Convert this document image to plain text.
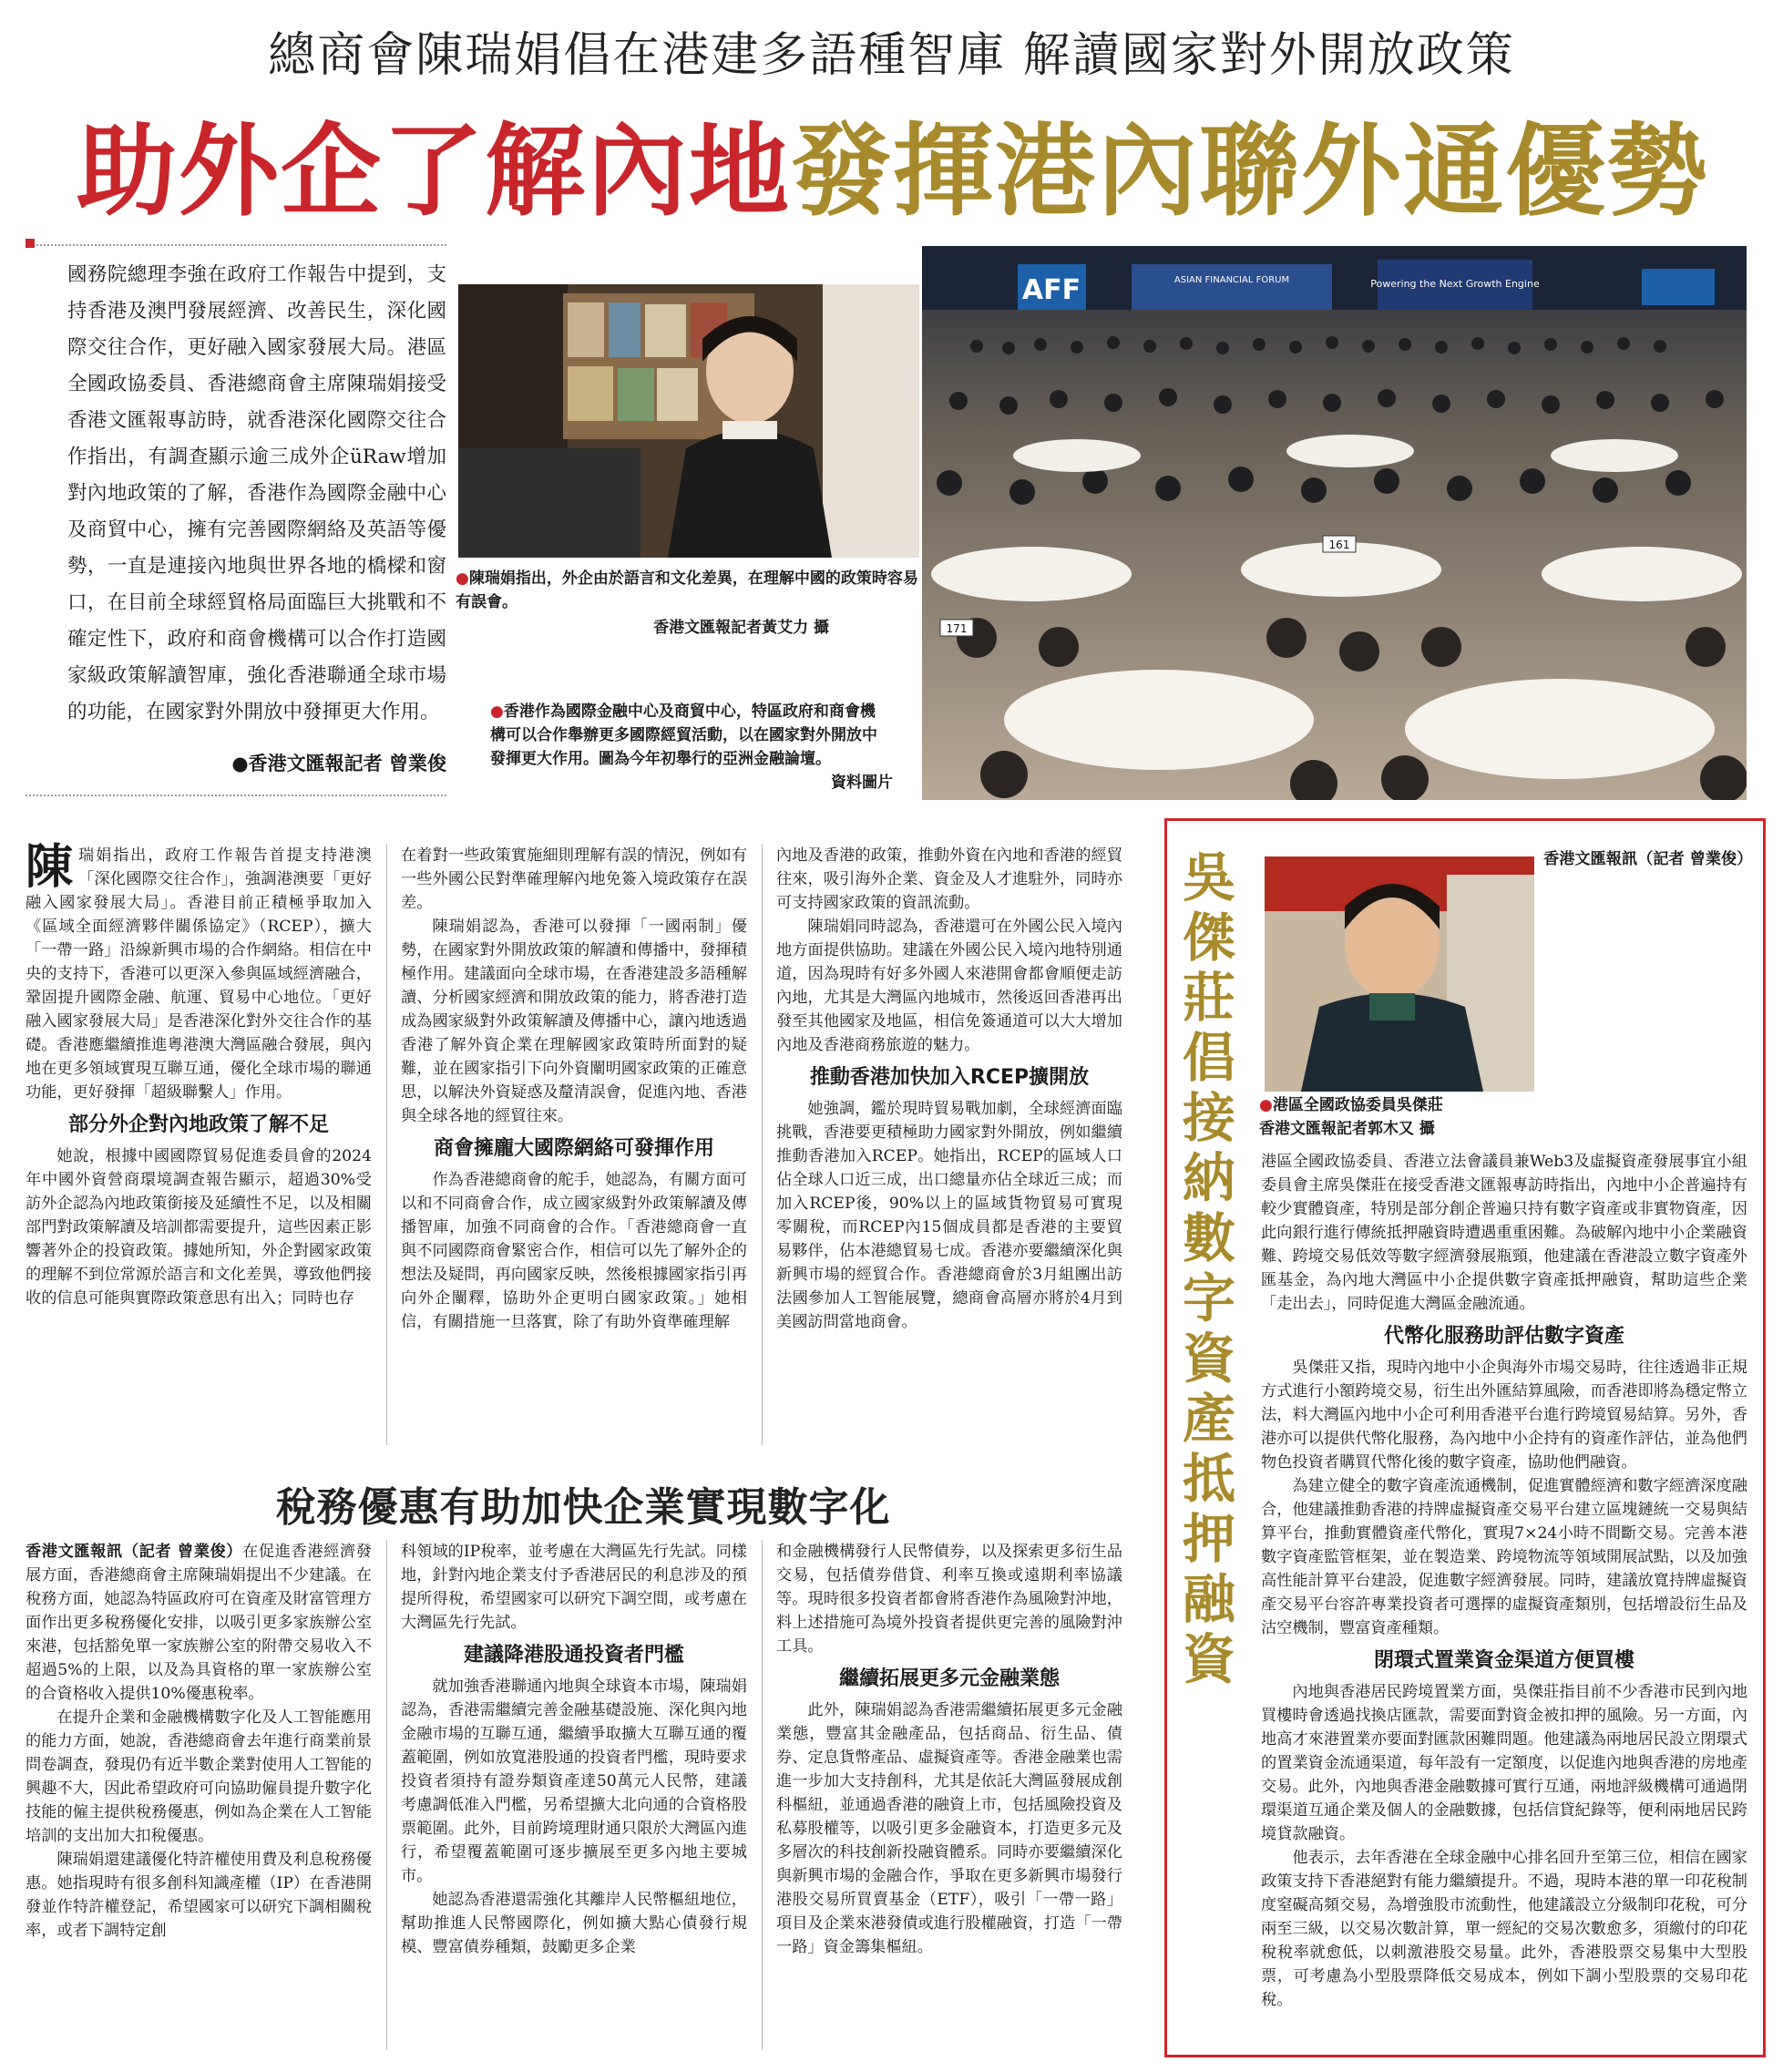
總商會陳瑞娟倡在港建多語種智庫 解讀國家對外開放政策
助外企了解內地發揮港內聯外通優勢
國務院總理李強在政府工作報告中提到，支持香港及澳門發展經濟、改善民生，深化國際交往合作，更好融入國家發展大局。港區全國政協委員、香港總商會主席陳瑞娟接受香港文匯報專訪時，就香港深化國際交往合作指出，有調查顯示逾三成外企üRaw增加對內地政策的了解，香港作為國際金融中心及商貿中心，擁有完善國際網絡及英語等優勢，一直是連接內地與世界各地的橋樑和窗口，在目前全球經貿格局面臨巨大挑戰和不確定性下，政府和商會機構可以合作打造國家級政策解讀智庫，強化香港聯通全球市場的功能，在國家對外開放中發揮更大作用。
●香港文匯報記者 曾業俊
●陳瑞娟指出，外企由於語言和文化差異，在理解中國的政策時容易有誤會。
香港文匯報記者黃艾力 攝
AFF	ASIAN FINANCIAL FORUM	Powering the Next Growth Engine
161
171
●香港作為國際金融中心及商貿中心，特區政府和商會機構可以合作舉辦更多國際經貿活動，以在國家對外開放中發揮更大作用。圖為今年初舉行的亞洲金融論壇。
資料圖片

陳瑞娟指出，政府工作報告首提支持港澳「深化國際交往合作」，強調港澳要「更好融入國家發展大局」。香港目前正積極爭取加入《區域全面經濟夥伴關係協定》（RCEP），擴大「一帶一路」沿線新興市場的合作網絡。相信在中央的支持下，香港可以更深入參與區域經濟融合，鞏固提升國際金融、航運、貿易中心地位。「更好融入國家發展大局」是香港深化對外交往合作的基礎。香港應繼續推進粵港澳大灣區融合發展，與內地在更多領域實現互聯互通，優化全球市場的聯通功能，更好發揮「超級聯繫人」作用。

部分外企對內地政策了解不足

她說，根據中國國際貿易促進委員會的2024年中國外資營商環境調查報告顯示，超過30%受訪外企認為內地政策銜接及延續性不足，以及相關部門對政策解讀及培訓都需要提升，這些因素正影響著外企的投資政策。據她所知，外企對國家政策的理解不到位常源於語言和文化差異，導致他們接收的信息可能與實際政策意思有出入；同時也存

在着對一些政策實施細則理解有誤的情況，例如有一些外國公民對準確理解內地免簽入境政策存在誤差。

陳瑞娟認為，香港可以發揮「一國兩制」優勢，在國家對外開放政策的解讀和傳播中，發揮積極作用。建議面向全球市場，在香港建設多語種解讀、分析國家經濟和開放政策的能力，將香港打造成為國家級對外政策解讀及傳播中心，讓內地透過香港了解外資企業在理解國家政策時所面對的疑難，並在國家指引下向外資闡明國家政策的正確意思，以解決外資疑惑及釐清誤會，促進內地、香港與全球各地的經貿往來。

商會擁龐大國際網絡可發揮作用

作為香港總商會的舵手，她認為，有關方面可以和不同商會合作，成立國家級對外政策解讀及傳播智庫，加強不同商會的合作。「香港總商會一直與不同國際商會緊密合作，相信可以先了解外企的想法及疑問，再向國家反映，然後根據國家指引再向外企闡釋，協助外企更明白國家政策。」她相信，有關措施一旦落實，除了有助外資準確理解

內地及香港的政策，推動外資在內地和香港的經貿往來，吸引海外企業、資金及人才進駐外，同時亦可支持國家政策的資訊流動。

陳瑞娟同時認為，香港還可在外國公民入境內地方面提供協助。建議在外國公民入境內地特別通道，因為現時有好多外國人來港開會都會順便走訪內地，尤其是大灣區內地城市，然後返回香港再出發至其他國家及地區，相信免簽通道可以大大增加內地及香港商務旅遊的魅力。

推動香港加快加入RCEP擴開放

她強調，鑑於現時貿易戰加劇，全球經濟面臨挑戰，香港要更積極助力國家對外開放，例如繼續推動香港加入RCEP。她指出，RCEP的區域人口佔全球人口近三成，出口總量亦佔全球近三成；而加入RCEP後，90%以上的區域貨物貿易可實現零關稅，而RCEP內15個成員都是香港的主要貿易夥伴，佔本港總貿易七成。香港亦要繼續深化與新興市場的經貿合作。香港總商會於3月組團出訪法國參加人工智能展覽，總商會高層亦將於4月到美國訪問當地商會。

稅務優惠有助加快企業實現數字化

香港文匯報訊（記者 曾業俊）在促進香港經濟發展方面，香港總商會主席陳瑞娟提出不少建議。在稅務方面，她認為特區政府可在資產及財富管理方面作出更多稅務優化安排，以吸引更多家族辦公室來港，包括豁免單一家族辦公室的附帶交易收入不超過5%的上限，以及為具資格的單一家族辦公室的合資格收入提供10%優惠稅率。

在提升企業和金融機構數字化及人工智能應用的能力方面，她說，香港總商會去年進行商業前景問卷調查，發現仍有近半數企業對使用人工智能的興趣不大，因此希望政府可向協助僱員提升數字化技能的僱主提供稅務優惠，例如為企業在人工智能培訓的支出加大扣稅優惠。

陳瑞娟還建議優化特許權使用費及利息稅務優惠。她指現時有很多創科知識產權（IP）在香港開發並作特許權登記，希望國家可以研究下調相關稅率，或者下調特定創

科領域的IP稅率，並考慮在大灣區先行先試。同樣地，針對內地企業支付予香港居民的利息涉及的預提所得稅，希望國家可以研究下調空間，或考慮在大灣區先行先試。

建議降港股通投資者門檻

就加強香港聯通內地與全球資本市場，陳瑞娟認為，香港需繼續完善金融基礎設施、深化與內地金融市場的互聯互通，繼續爭取擴大互聯互通的覆蓋範圍，例如放寬港股通的投資者門檻，現時要求投資者須持有證券類資產達50萬元人民幣，建議考慮調低准入門檻，另希望擴大北向通的合資格股票範圍。此外，目前跨境理財通只限於大灣區內進行，希望覆蓋範圍可逐步擴展至更多內地主要城市。

她認為香港還需強化其離岸人民幣樞紐地位，幫助推進人民幣國際化，例如擴大點心債發行規模、豐富債券種類，鼓勵更多企業

和金融機構發行人民幣債券，以及探索更多衍生品交易，包括債券借貸、利率互換或遠期利率協議等。現時很多投資者都會將香港作為風險對沖地，料上述措施可為境外投資者提供更完善的風險對沖工具。

繼續拓展更多元金融業態

此外，陳瑞娟認為香港需繼續拓展更多元金融業態，豐富其金融產品，包括商品、衍生品、債券、定息貨幣產品、虛擬資產等。香港金融業也需進一步加大支持創科，尤其是依託大灣區發展成創科樞紐，並通過香港的融資上市，包括風險投資及私募股權等，以吸引更多金融資本，打造更多元及多層次的科技創新投融資體系。同時亦要繼續深化與新興市場的金融合作，爭取在更多新興市場發行港股交易所買賣基金（ETF），吸引「一帶一路」項目及企業來港發債或進行股權融資，打造「一帶一路」資金籌集樞紐。

吳傑莊倡接納數字資產抵押融資
●港區全國政協委員吳傑莊
香港文匯報記者郭木又 攝

香港文匯報訊（記者 曾業俊）

港區全國政協委員、香港立法會議員兼Web3及虛擬資產發展事宜小組委員會主席吳傑莊在接受香港文匯報專訪時指出，內地中小企普遍持有較少實體資產，特別是部分創企普遍只持有數字資產或非實物資產，因此向銀行進行傳統抵押融資時遭遇重重困難。為破解內地中小企業融資難、跨境交易低效等數字經濟發展瓶頸，他建議在香港設立數字資產外匯基金，為內地大灣區中小企提供數字資產抵押融資，幫助這些企業「走出去」，同時促進大灣區金融流通。

代幣化服務助評估數字資產

吳傑莊又指，現時內地中小企與海外市場交易時，往往透過非正規方式進行小額跨境交易，衍生出外匯結算風險，而香港即將為穩定幣立法，料大灣區內地中小企可利用香港平台進行跨境貿易結算。另外，香港亦可以提供代幣化服務，為內地中小企持有的資產作評估，並為他們物色投資者購買代幣化後的數字資產，協助他們融資。

為建立健全的數字資產流通機制，促進實體經濟和數字經濟深度融合，他建議推動香港的持牌虛擬資產交易平台建立區塊鏈統一交易與結算平台，推動實體資產代幣化，實現7×24小時不間斷交易。完善本港數字資產監管框架，並在製造業、跨境物流等領域開展試點，以及加強高性能計算平台建設，促進數字經濟發展。同時，建議放寬持牌虛擬資產交易平台容許專業投資者可選擇的虛擬資產類別，包括增設衍生品及沽空機制，豐富資產種類。

閉環式置業資金渠道方便買樓

內地與香港居民跨境置業方面，吳傑莊指目前不少香港市民到內地買樓時會透過找換店匯款，需要面對資金被扣押的風險。另一方面，內地高才來港置業亦要面對匯款困難問題。他建議為兩地居民設立閉環式的置業資金流通渠道，每年設有一定額度，以促進內地與香港的房地產交易。此外，內地與香港金融數據可實行互通，兩地評級機構可通過閉環渠道互通企業及個人的金融數據，包括信貸紀錄等，便利兩地居民跨境貸款融資。

他表示，去年香港在全球金融中心排名回升至第三位，相信在國家政策支持下香港絕對有能力繼續提升。不過，現時本港的單一印花稅制度窒礙高頻交易，為增強股市流動性，他建議設立分級制印花稅，可分兩至三級，以交易次數計算，單一經紀的交易次數愈多，須繳付的印花稅稅率就愈低，以刺激港股交易量。此外，香港股票交易集中大型股票，可考慮為小型股票降低交易成本，例如下調小型股票的交易印花稅。
